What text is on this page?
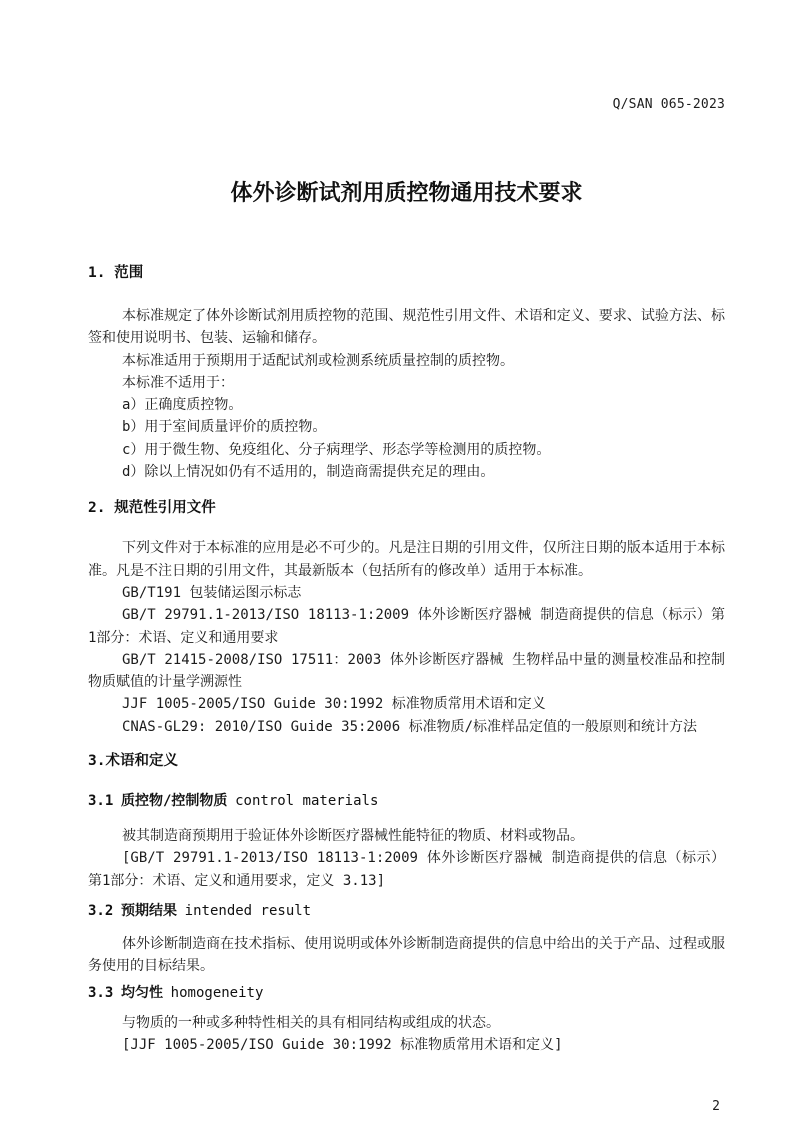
Q/SAN 065-2023
体外诊断试剂用质控物通用技术要求
1. 范围

本标准规定了体外诊断试剂用质控物的范围、规范性引用文件、术语和定义、要求、试验方法、标签和使用说明书、包装、运输和储存。

本标准适用于预期用于适配试剂或检测系统质量控制的质控物。

本标准不适用于：

a）正确度质控物。

b）用于室间质量评价的质控物。

c）用于微生物、免疫组化、分子病理学、形态学等检测用的质控物。

d）除以上情况如仍有不适用的，制造商需提供充足的理由。

2. 规范性引用文件

下列文件对于本标准的应用是必不可少的。凡是注日期的引用文件，仅所注日期的版本适用于本标准。凡是不注日期的引用文件，其最新版本（包括所有的修改单）适用于本标准。

GB/T191 包装储运图示标志

GB/T 29791.1-2013/ISO 18113-1:2009 体外诊断医疗器械 制造商提供的信息（标示）第1部分：术语、定义和通用要求

GB/T 21415-2008/ISO 17511：2003 体外诊断医疗器械 生物样品中量的测量校准品和控制物质赋值的计量学溯源性

JJF 1005-2005/ISO Guide 30:1992 标准物质常用术语和定义

CNAS-GL29: 2010/ISO Guide 35:2006 标准物质/标准样品定值的一般原则和统计方法

3.术语和定义
3.1 质控物/控制物质 control materials

被其制造商预期用于验证体外诊断医疗器械性能特征的物质、材料或物品。

[GB/T 29791.1-2013/ISO 18113-1:2009 体外诊断医疗器械 制造商提供的信息（标示）第1部分：术语、定义和通用要求，定义 3.13]

3.2 预期结果 intended result

体外诊断制造商在技术指标、使用说明或体外诊断制造商提供的信息中给出的关于产品、过程或服务使用的目标结果。

3.3 均匀性 homogeneity

与物质的一种或多种特性相关的具有相同结构或组成的状态。

[JJF 1005-2005/ISO Guide 30:1992 标准物质常用术语和定义]

2
